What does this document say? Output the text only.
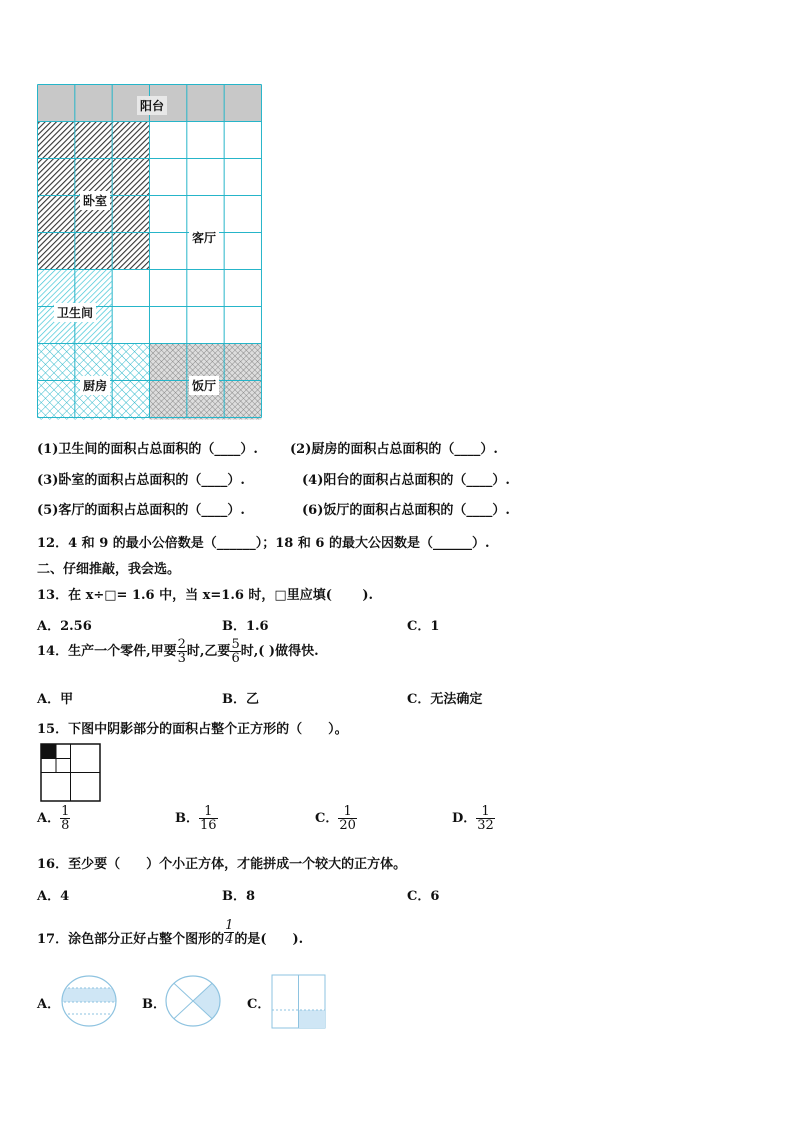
阳台
卧室
客厅
卫生间
厨房	饭厅
(1)卫生间的面积占总面积的（____）. (2)厨房的面积占总面积的（____）.
(3)卧室的面积占总面积的（____）.	(4)阳台的面积占总面积的（____）.
(5)客厅的面积占总面积的（____）.	(6)饭厅的面积占总面积的（____）.
12．4 和 9 的最小公倍数是（______）；18 和 6 的最大公因数是（______）.
二、仔细推敲，我会选。
13．在 x÷□= 1.6 中，当 x=1.6 时，□里应填(　　 ).
A．2.56	B．1.6	C．1
14．生产一个零件,甲要 $\frac{2}{3}$ 时,乙要 $\frac{5}{6}$ 时,( )做得快.
A．甲	B．乙	C．无法确定
15．下图中阴影部分的面积占整个正方形的（　　）。
A． $\frac{1}{8}$	B． $\frac{1}{16}$	C． $\frac{1}{20}$	D． $\frac{1}{32}$
16．至少要（　　）个小正方体，才能拼成一个较大的正方体。
A．4	B．8	C．6
17．涂色部分正好占整个图形的 $\frac{1}{4}$ 的是(　　).
A．	B．	C．
